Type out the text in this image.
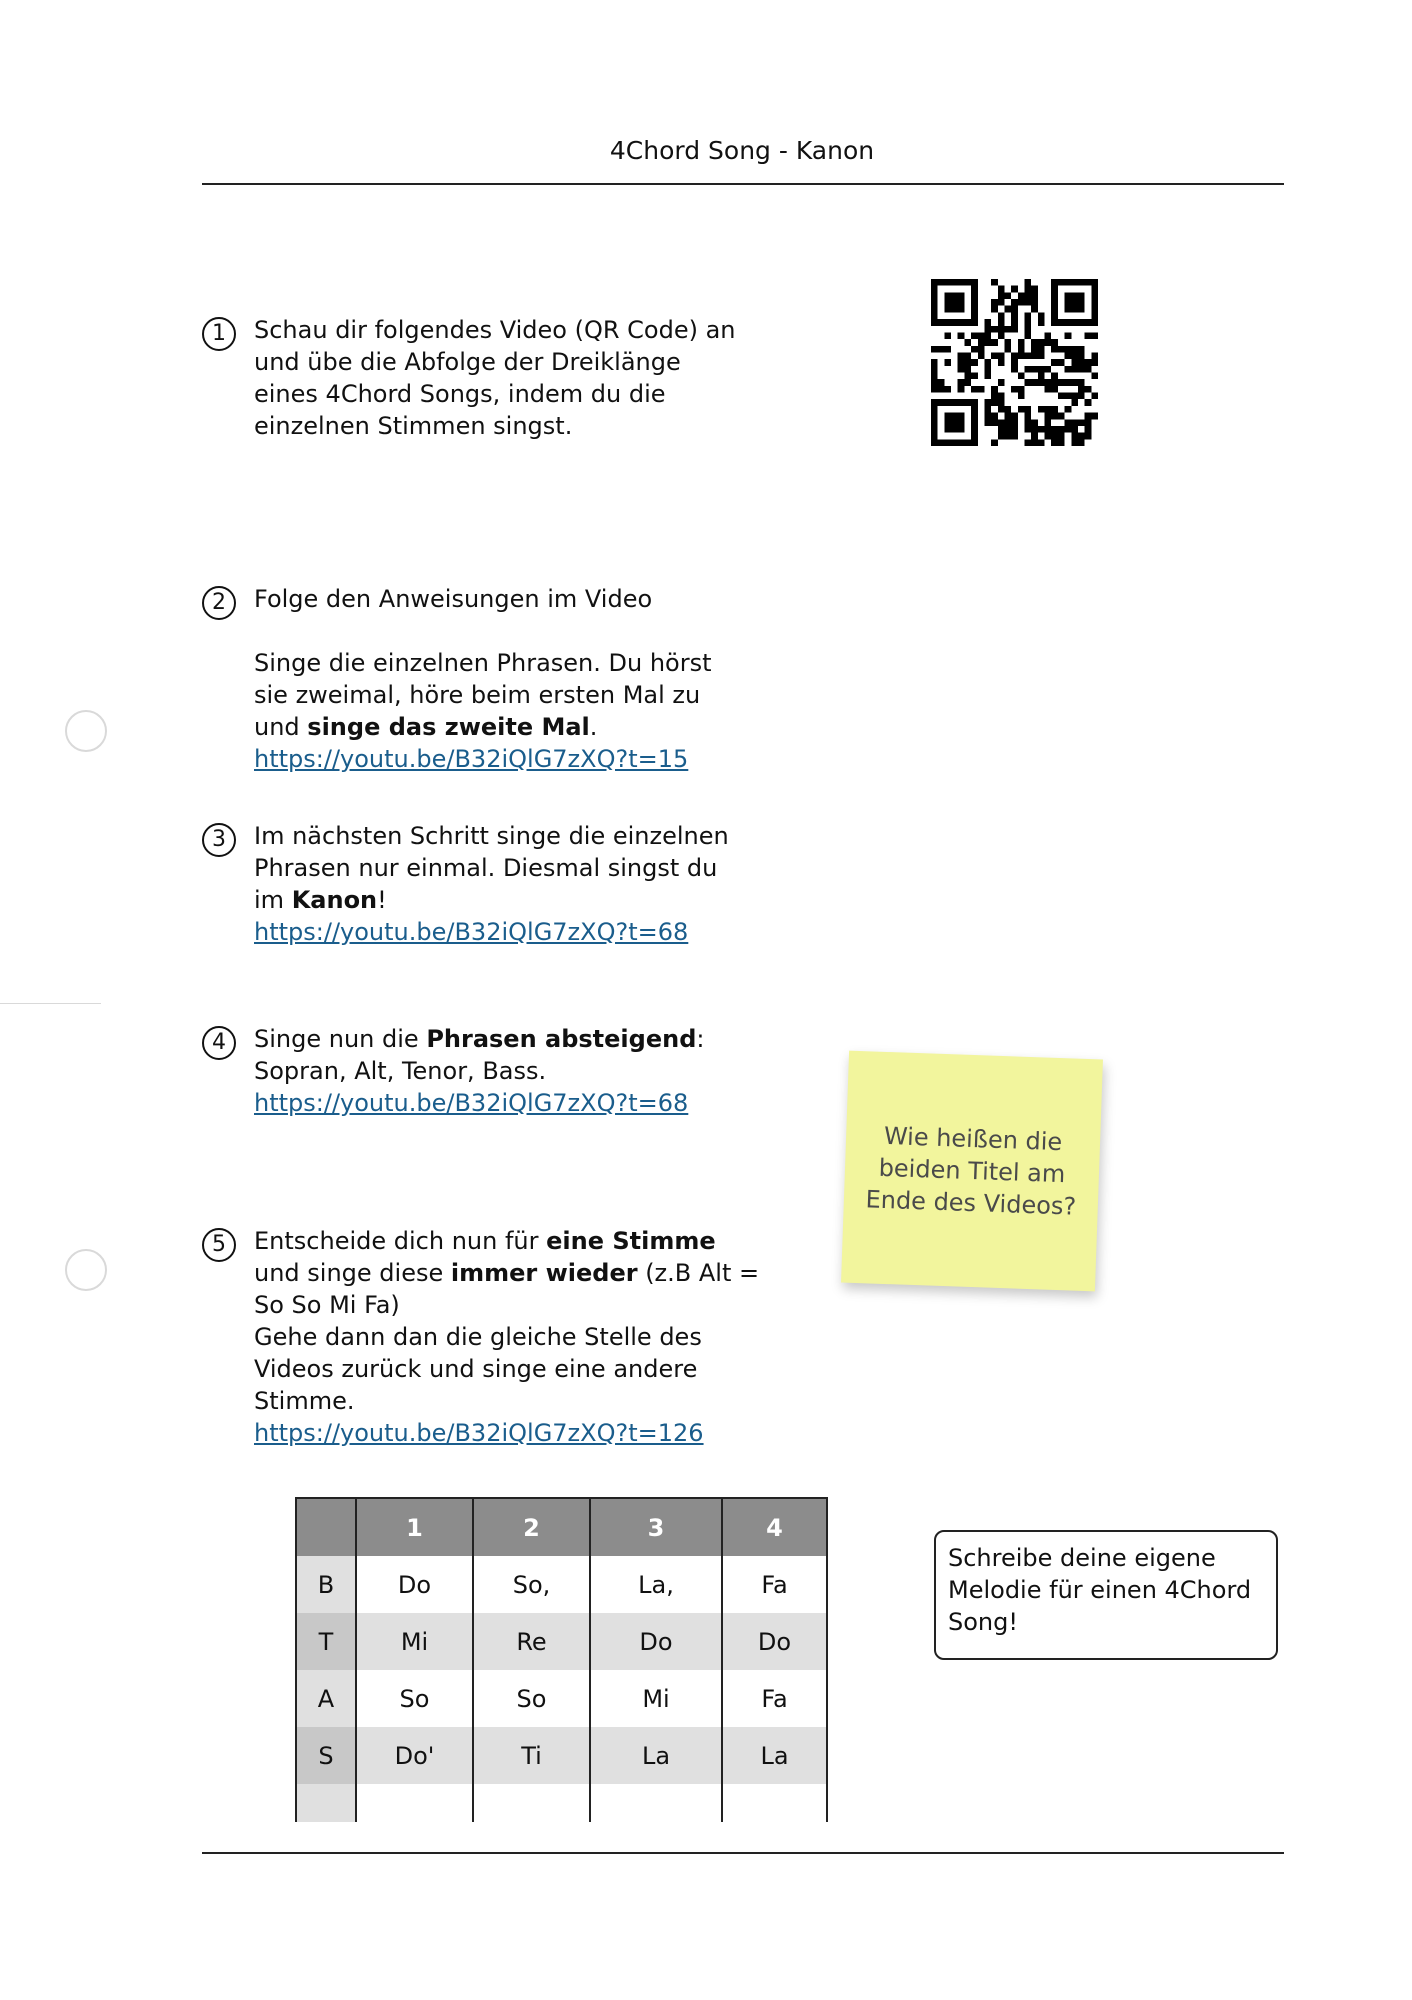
4Chord Song - Kanon
1	Schau dir folgendes Video (QR Code) an

und übe die Abfolge der Dreiklänge

eines 4Chord Songs, indem du die

einzelnen Stimmen singst.

2	Folge den Anweisungen im Video

Singe die einzelnen Phrasen. Du hörst

sie zweimal, höre beim ersten Mal zu

und singe das zweite Mal.

https://youtu.be/B32iQlG7zXQ?t=15

3	Im nächsten Schritt singe die einzelnen

Phrasen nur einmal. Diesmal singst du

im Kanon!

https://youtu.be/B32iQlG7zXQ?t=68

4	Singe nun die Phrasen absteigend:

Sopran, Alt, Tenor, Bass.

https://youtu.be/B32iQlG7zXQ?t=68

5	Entscheide dich nun für eine Stimme

und singe diese immer wieder (z.B Alt =

So So Mi Fa)

Gehe dann dan die gleiche Stelle des

Videos zurück und singe eine andere

Stimme.

https://youtu.be/B32iQlG7zXQ?t=126

Wie heißen die beiden Titel am Ende des Videos?
	1	2	3	4
B	Do	So,	La,	Fa
T	Mi	Re	Do	Do
A	So	So	Mi	Fa
S	Do'	Ti	La	La

Schreibe deine eigene Melodie für einen 4Chord Song!
